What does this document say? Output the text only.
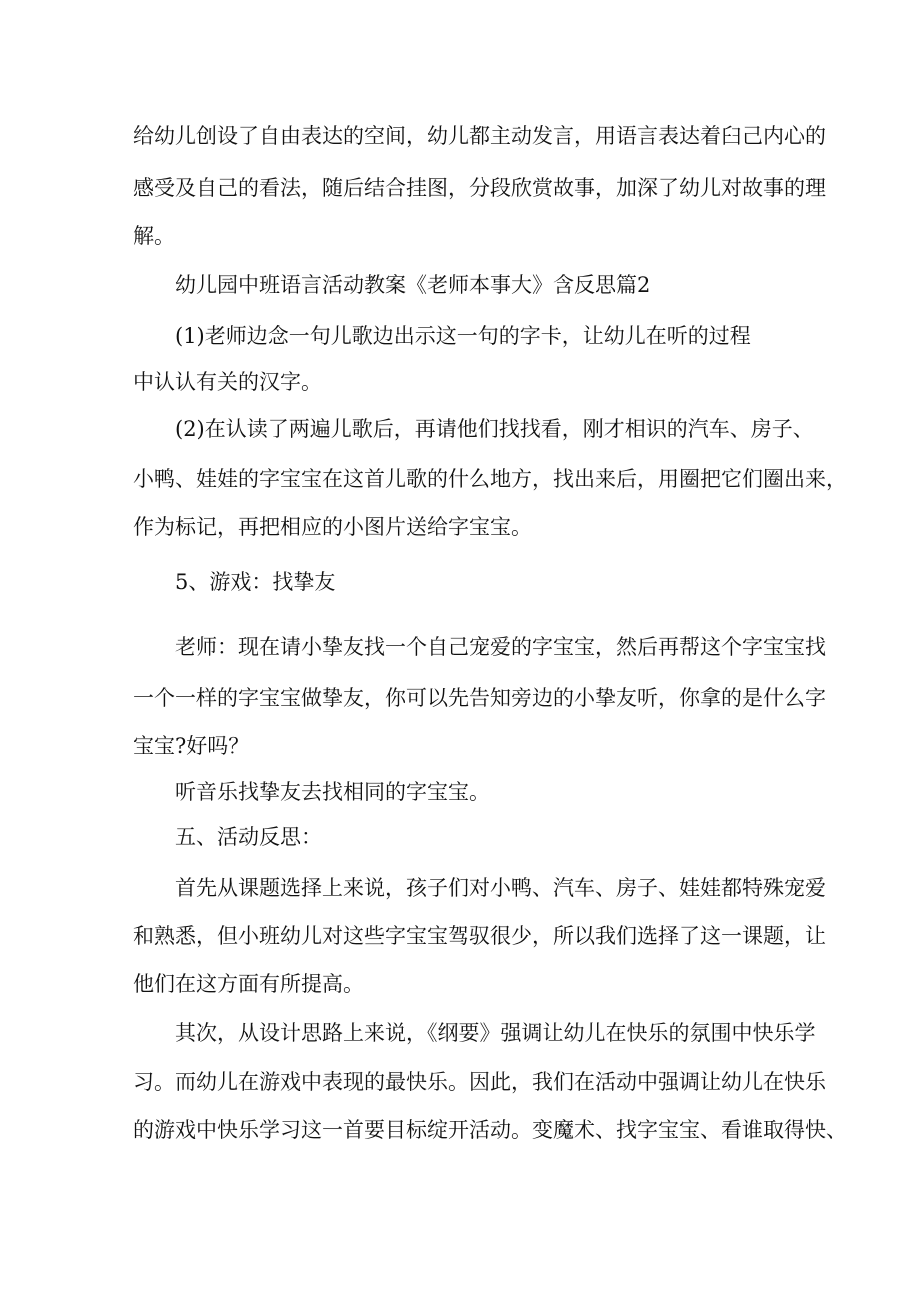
给幼儿创设了自由表达的空间，幼儿都主动发言，用语言表达着臼己内心的
感受及自己的看法，随后结合挂图，分段欣赏故事，加深了幼儿对故事的理
解。
幼儿园中班语言活动教案《老师本事大》含反思篇2
(1)老师边念一句儿歌边出示这一句的字卡，让幼儿在听的过程
中认认有关的汉字。
(2)在认读了两遍儿歌后，再请他们找找看，刚才相识的汽车、房子、
小鸭、娃娃的字宝宝在这首儿歌的什么地方，找出来后，用圈把它们圈出来，
作为标记，再把相应的小图片送给字宝宝。
5、游戏：找挚友
老师：现在请小挚友找一个自己宠爱的字宝宝，然后再帮这个字宝宝找
一个一样的字宝宝做挚友，你可以先告知旁边的小挚友听，你拿的是什么字
宝宝?好吗？
听音乐找挚友去找相同的字宝宝。
五、活动反思：
首先从课题选择上来说，孩子们对小鸭、汽车、房子、娃娃都特殊宠爱
和熟悉，但小班幼儿对这些字宝宝驾驭很少，所以我们选择了这一课题，让
他们在这方面有所提高。
其次，从设计思路上来说，《纲要》强调让幼儿在快乐的氛围中快乐学
习。而幼儿在游戏中表现的最快乐。因此，我们在活动中强调让幼儿在快乐
的游戏中快乐学习这一首要目标绽开活动。变魔术、找字宝宝、看谁取得快、
